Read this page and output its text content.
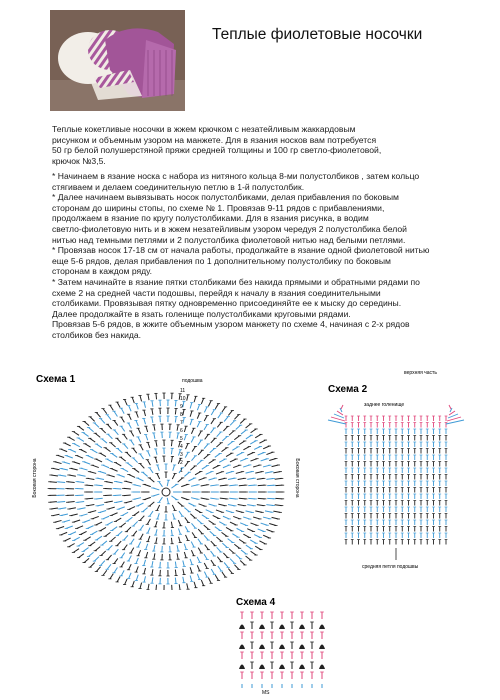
Теплые фиолетовые носочки
Теплые кокетливые носочки в жжем крючком с незатейливым жаккардовым
рисунком и объемным узором на манжете. Для в язания носков вам потребуется
50 гр белой полушерстяной пряжи средней толщины и 100 гр светло-фиолетовой,
крючок №3,5.
* Начинаем в язание носка с набора из нитяного кольца 8-ми полустолбиков , затем кольцо
стягиваем и делаем соединительную петлю в 1-й полустолбик.
* Далее начинаем вывязывать носок полустолбиками, делая прибавления по боковым
сторонам до ширины стопы, по схеме № 1. Провязав 9-11 рядов с прибавлениями,
продолжаем в язание по кругу полустолбиками. Для в язания рисунка, в водим
светло-фиолетовую нить и в жжем незатейливым узором чередуя 2 полустолбика белой
нитью над темными петлями и 2 полустолбика фиолетовой нитью над белыми петлями.
* Провязав носок 17-18 см от начала работы, продолжайте в язание одной фиолетовой нитью
еще 5-6 рядов, делая прибавления по 1 дополнительному полустолбику по боковым
сторонам в каждом ряду.
* Затем начинайте в язание пятки столбиками без накида прямыми и обратными рядами по
схеме 2 на средней части подошвы, перейдя к началу в язания соединительными
столбиками. Провязывая пятку одновременно присоединяйте ее к мыску до середины.
Далее продолжайте в язать голенище полустолбиками круговыми рядами.
Провязав 5-6 рядов, в жжите объемным узором манжету по схеме 4, начиная с 2-х рядов
столбиков без накида.
Схема 1	подошва
Боковая сторона	Боковая сторона
11
10
9
8
7
6
5
4
3
2
1
Схема 2
верхняя часть
заднее голенище
средняя петля подошвы
Схема 4
MS
